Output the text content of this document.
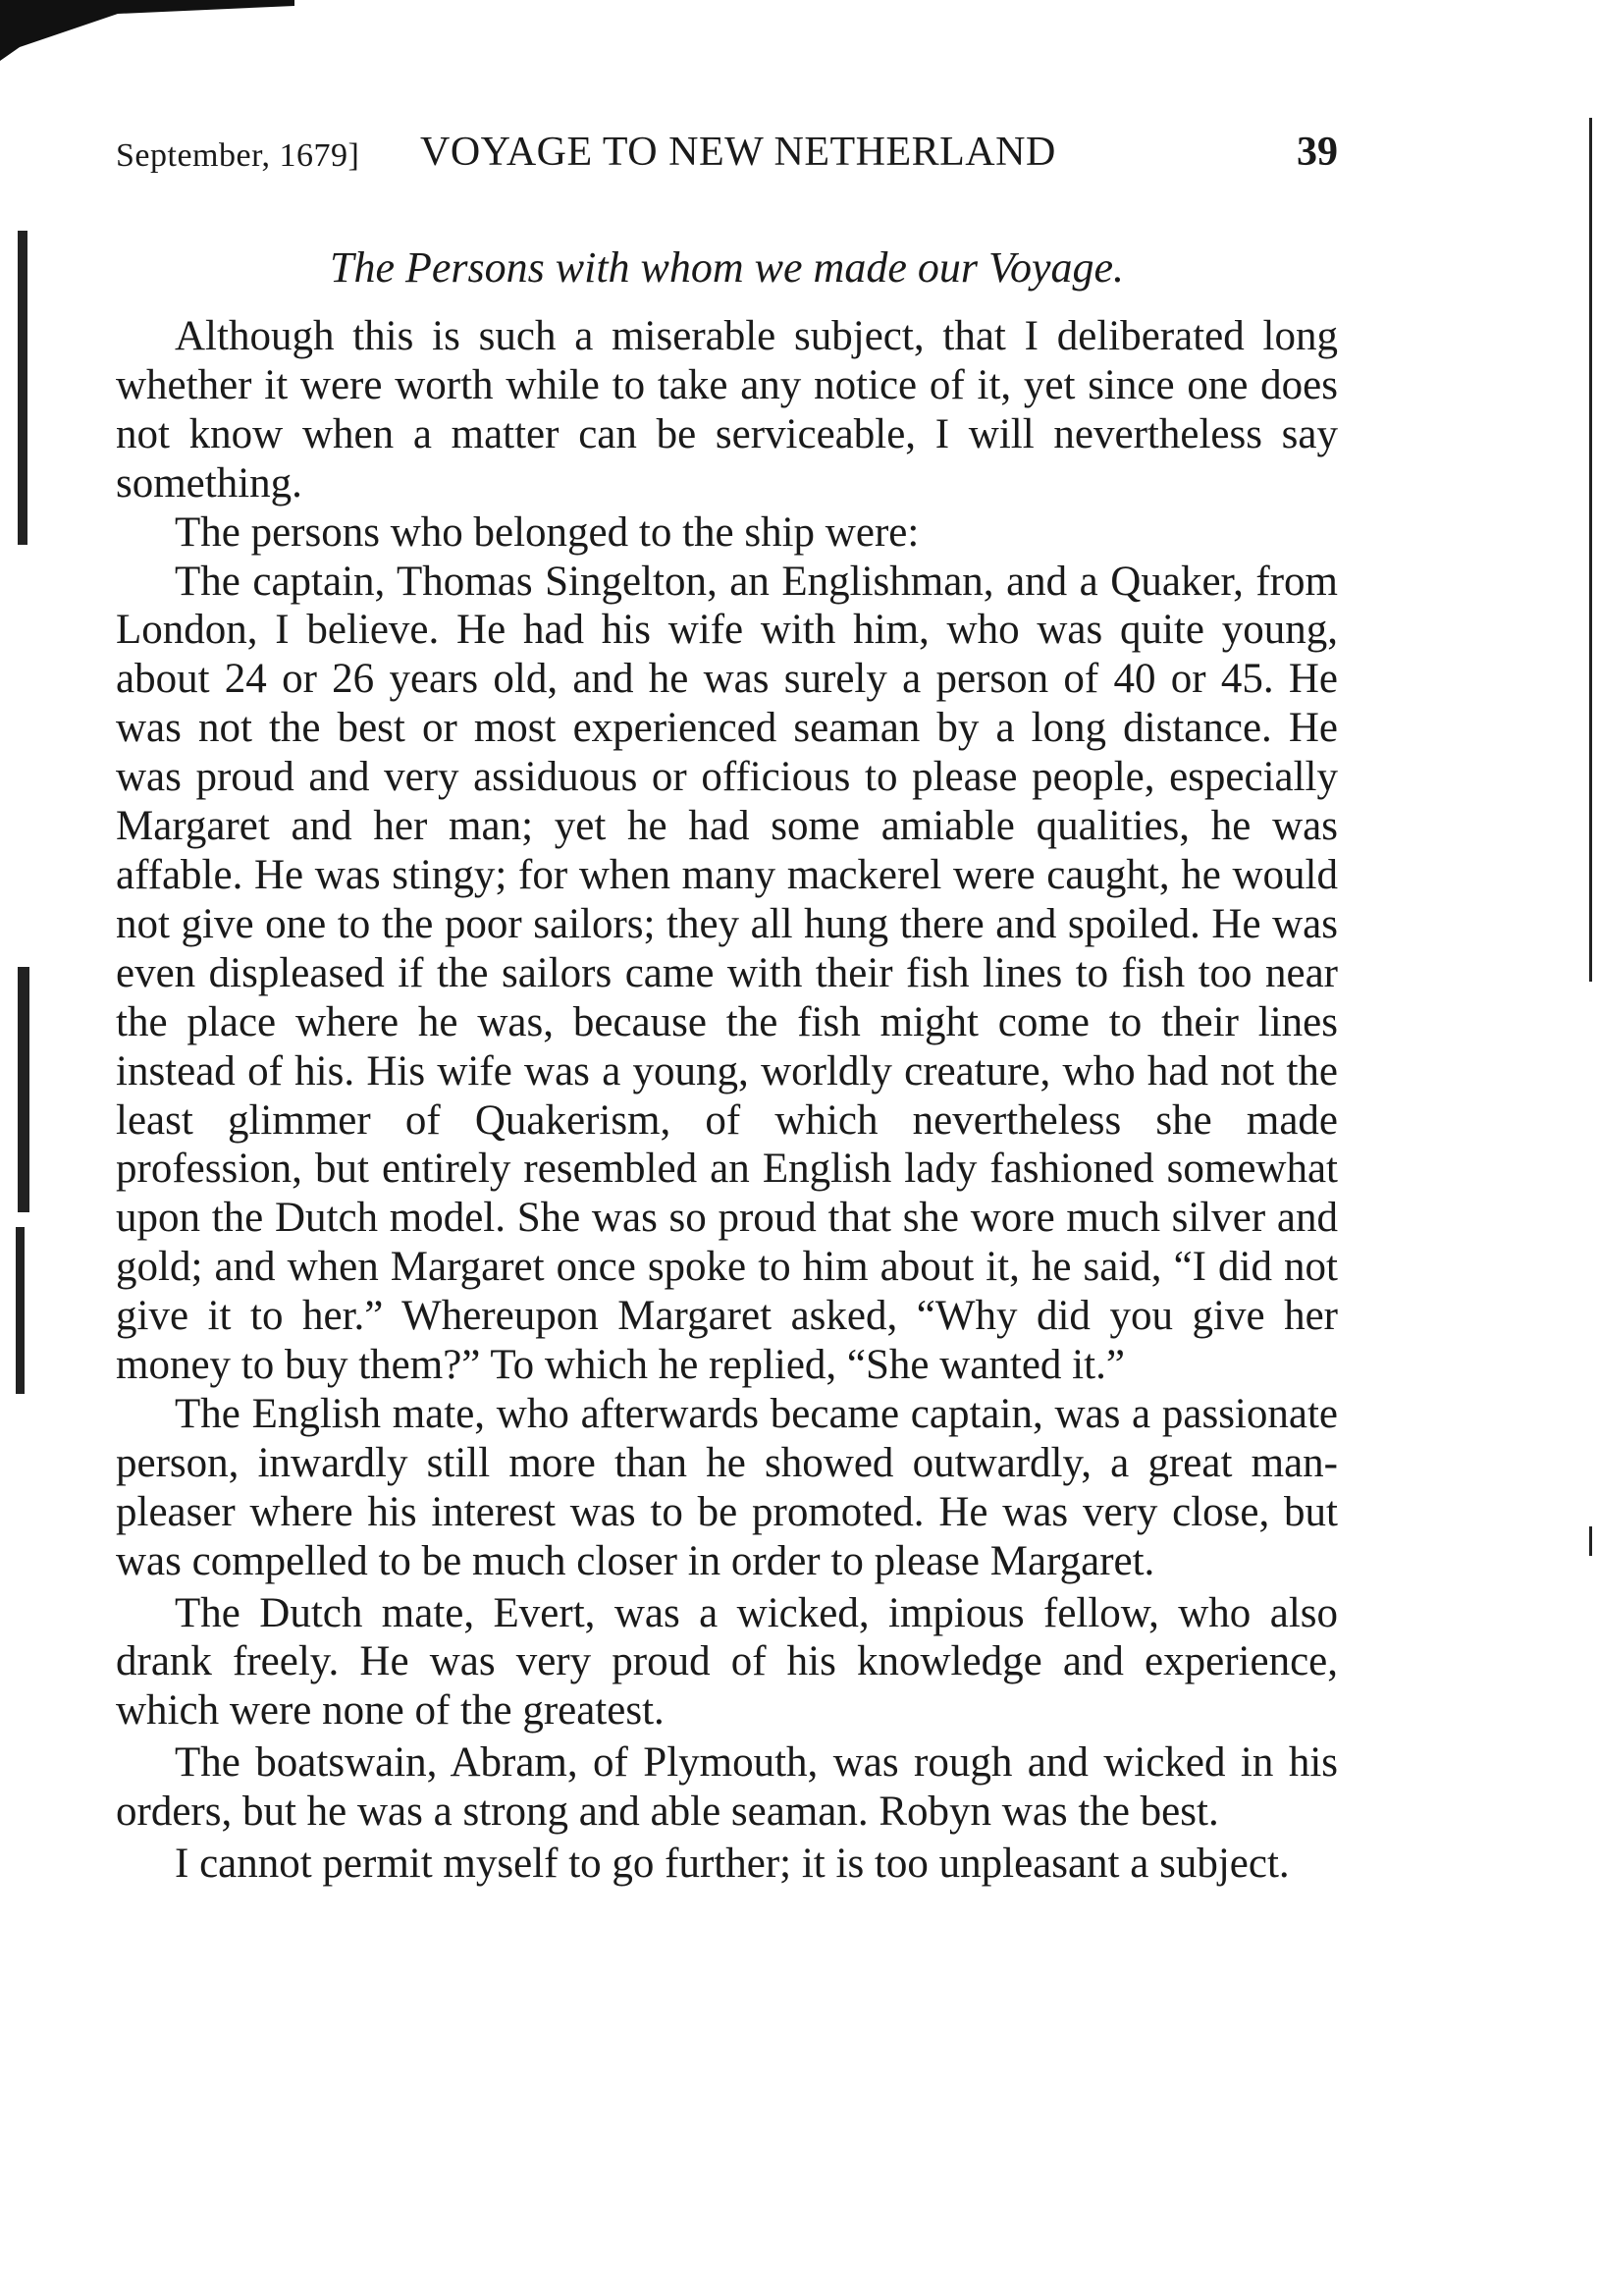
September, 1679] VOYAGE TO NEW NETHERLAND	39
The Persons with whom we made our Voyage.

Although this is such a miserable subject, that I deliberated long whether it were worth while to take any notice of it, yet since one does not know when a matter can be serviceable, I will nevertheless say something.

The persons who belonged to the ship were:

The captain, Thomas Singelton, an Englishman, and a Quaker, from London, I believe. He had his wife with him, who was quite young, about 24 or 26 years old, and he was surely a person of 40 or 45. He was not the best or most experienced seaman by a long distance. He was proud and very assiduous or officious to please people, especially Margaret and her man; yet he had some amiable qualities, he was affable. He was stingy; for when many mackerel were caught, he would not give one to the poor sailors; they all hung there and spoiled. He was even displeased if the sailors came with their fish lines to fish too near the place where he was, because the fish might come to their lines instead of his. His wife was a young, worldly creature, who had not the least glimmer of Quakerism, of which nevertheless she made profession, but entirely resembled an English lady fashioned somewhat upon the Dutch model. She was so proud that she wore much silver and gold; and when Margaret once spoke to him about it, he said, “I did not give it to her.” Whereupon Margaret asked, “Why did you give her money to buy them?” To which he replied, “She wanted it.”

The English mate, who afterwards became captain, was a passionate person, inwardly still more than he showed outwardly, a great man-pleaser where his interest was to be promoted. He was very close, but was compelled to be much closer in order to please Margaret.

The Dutch mate, Evert, was a wicked, impious fellow, who also drank freely. He was very proud of his knowledge and experience, which were none of the greatest.

The boatswain, Abram, of Plymouth, was rough and wicked in his orders, but he was a strong and able seaman. Robyn was the best.

I cannot permit myself to go further; it is too unpleasant a subject.
